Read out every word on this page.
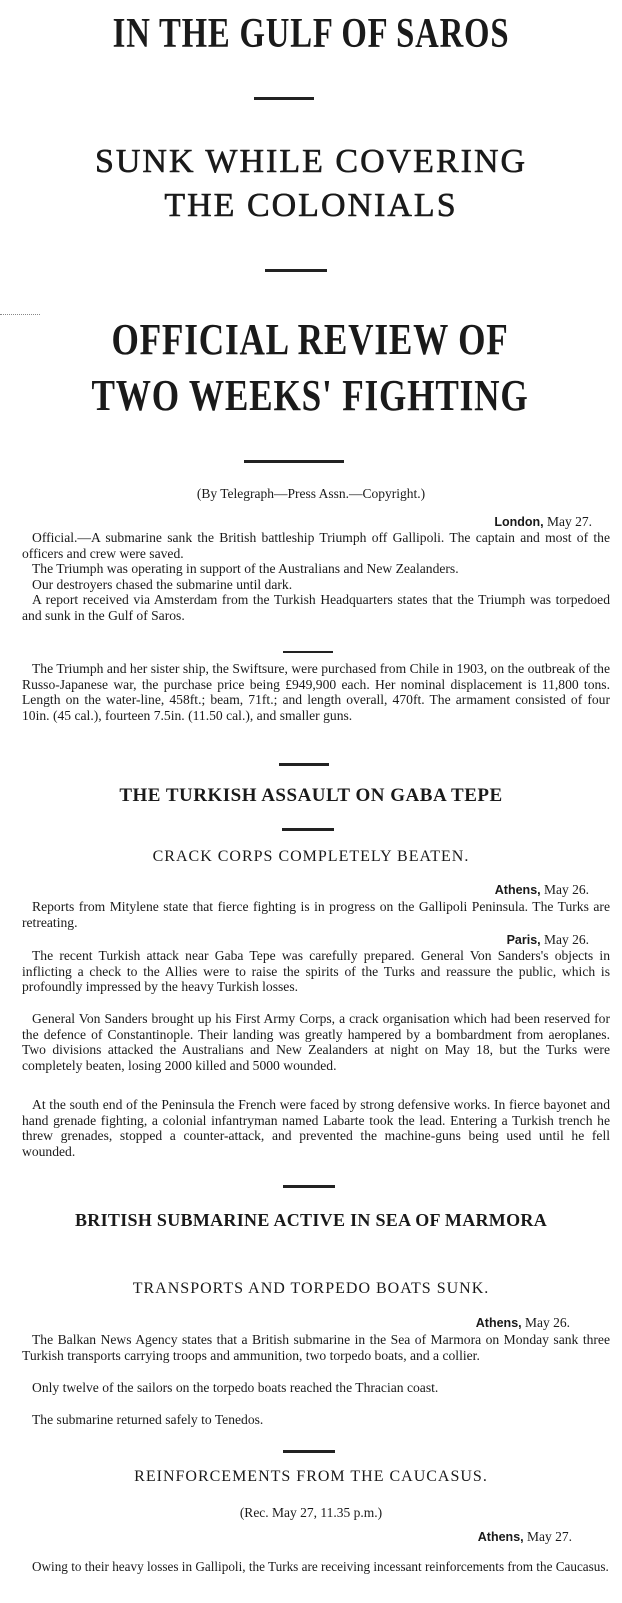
IN THE GULF OF SAROS
SUNK WHILE COVERING THE COLONIALS
OFFICIAL REVIEW OF TWO WEEKS' FIGHTING
(By Telegraph—Press Assn.—Copyright.)
London, May 27.
Official.—A submarine sank the British battleship Triumph off Gallipoli. The captain and most of the officers and crew were saved.
The Triumph was operating in support of the Australians and New Zealanders.
Our destroyers chased the submarine until dark.
A report received via Amsterdam from the Turkish Headquarters states that the Triumph was torpedoed and sunk in the Gulf of Saros.
The Triumph and her sister ship, the Swiftsure, were purchased from Chile in 1903, on the outbreak of the Russo-Japanese war, the purchase price being £949,900 each. Her nominal displacement is 11,800 tons. Length on the water-line, 458ft.; beam, 71ft.; and length overall, 470ft. The armament consisted of four 10in. (45 cal.), fourteen 7.5in. (11.50 cal.), and smaller guns.
THE TURKISH ASSAULT ON GABA TEPE
CRACK CORPS COMPLETELY BEATEN.
Athens, May 26.
Reports from Mitylene state that fierce fighting is in progress on the Gallipoli Peninsula. The Turks are retreating.
Paris, May 26.
The recent Turkish attack near Gaba Tepe was carefully prepared. General Von Sanders's objects in inflicting a check to the Allies were to raise the spirits of the Turks and reassure the public, which is profoundly impressed by the heavy Turkish losses.
General Von Sanders brought up his First Army Corps, a crack organisation which had been reserved for the defence of Constantinople. Their landing was greatly hampered by a bombardment from aeroplanes. Two divisions attacked the Australians and New Zealanders at night on May 18, but the Turks were completely beaten, losing 2000 killed and 5000 wounded.
At the south end of the Peninsula the French were faced by strong defensive works. In fierce bayonet and hand grenade fighting, a colonial infantryman named Labarte took the lead. Entering a Turkish trench he threw grenades, stopped a counter-attack, and prevented the machine-guns being used until he fell wounded.
BRITISH SUBMARINE ACTIVE IN SEA OF MARMORA
TRANSPORTS AND TORPEDO BOATS SUNK.
Athens, May 26.
The Balkan News Agency states that a British submarine in the Sea of Marmora on Monday sank three Turkish transports carrying troops and ammunition, two torpedo boats, and a collier.
Only twelve of the sailors on the torpedo boats reached the Thracian coast.
The submarine returned safely to Tenedos.
REINFORCEMENTS FROM THE CAUCASUS.
(Rec. May 27, 11.35 p.m.)
Athens, May 27.
Owing to their heavy losses in Gallipoli, the Turks are receiving incessant reinforcements from the Caucasus.
